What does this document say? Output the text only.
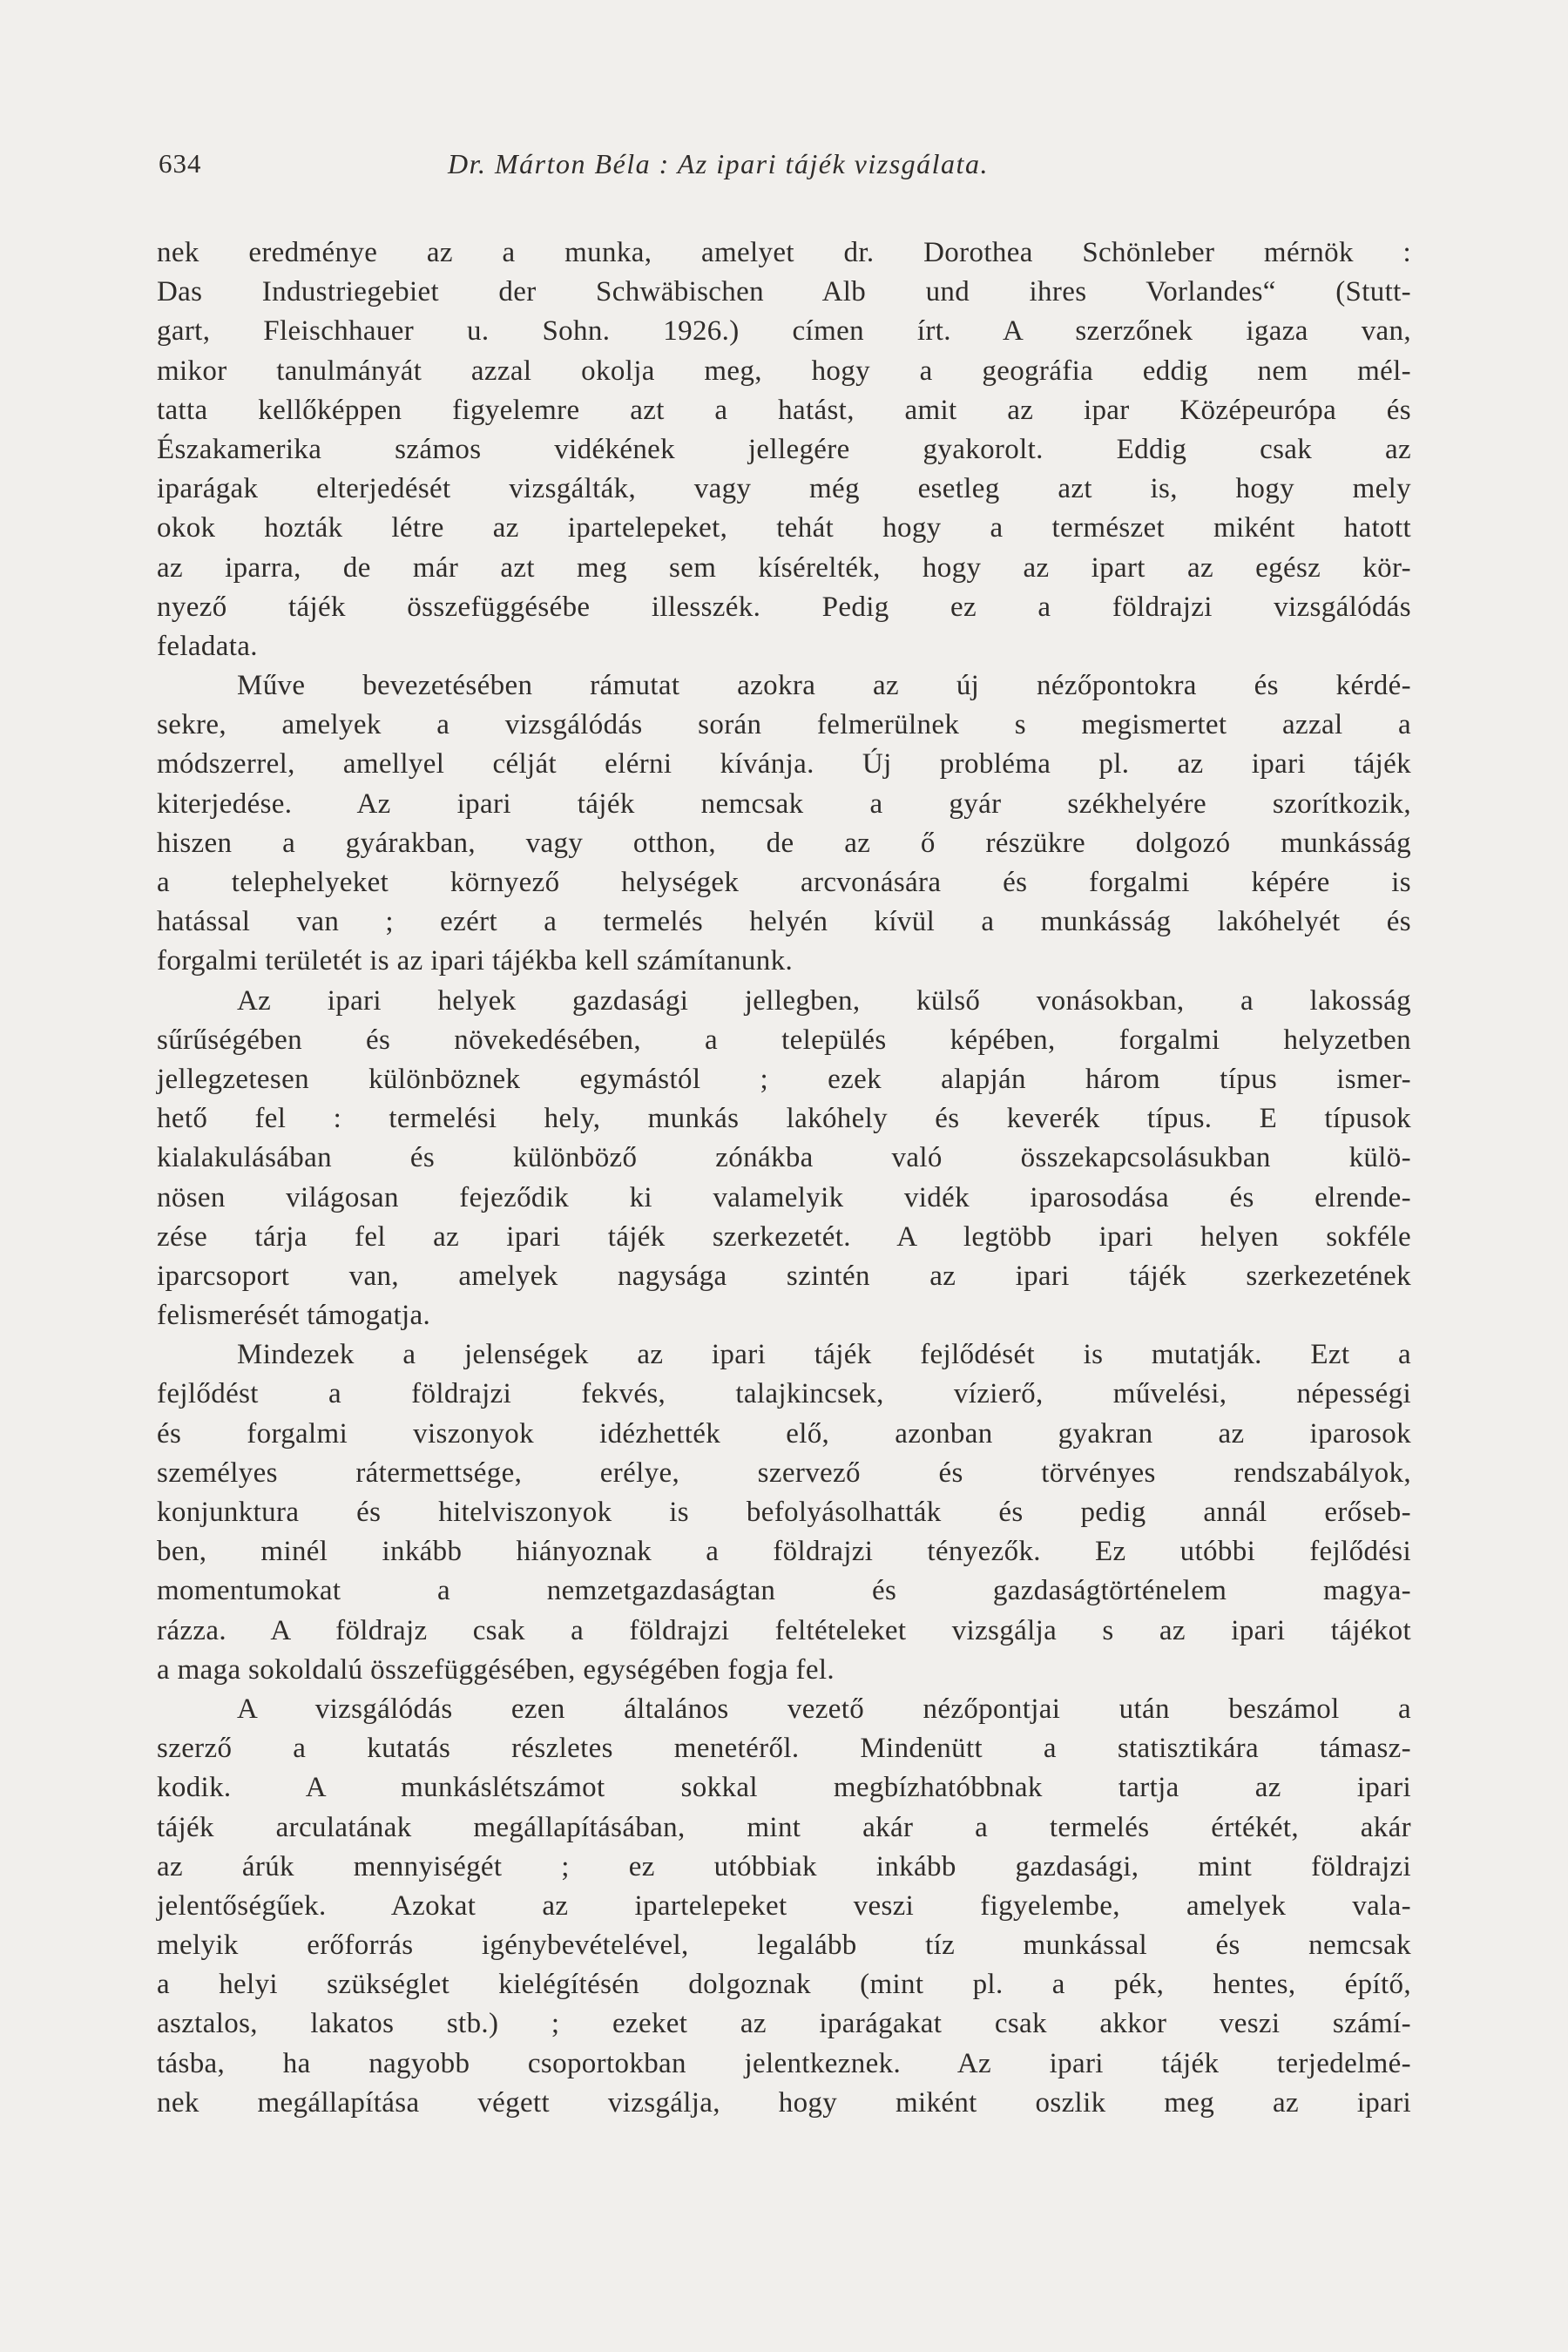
634	Dr. Márton Béla : Az ipari tájék vizsgálata.
nek eredménye az a munka, amelyet dr. Dorothea Schönleber mérnök :
Das Industriegebiet der Schwäbischen Alb und ihres Vorlandes“ (Stutt-
gart, Fleischhauer u. Sohn. 1926.) címen írt. A szerzőnek igaza van,
mikor tanulmányát azzal okolja meg, hogy a geográfia eddig nem mél-
tatta kellőképpen figyelemre azt a hatást, amit az ipar Középeurópa és
Északamerika számos vidékének jellegére gyakorolt. Eddig csak az
iparágak elterjedését vizsgálták, vagy még esetleg azt is, hogy mely
okok hozták létre az ipartelepeket, tehát hogy a természet miként hatott
az iparra, de már azt meg sem kísérelték, hogy az ipart az egész kör-
nyező tájék összefüggésébe illesszék. Pedig ez a földrajzi vizsgálódás
feladata.
Műve bevezetésében rámutat azokra az új nézőpontokra és kérdé-
sekre, amelyek a vizsgálódás során felmerülnek s megismertet azzal a
módszerrel, amellyel célját elérni kívánja. Új probléma pl. az ipari tájék
kiterjedése. Az ipari tájék nemcsak a gyár székhelyére szorítkozik,
hiszen a gyárakban, vagy otthon, de az ő részükre dolgozó munkásság
a telephelyeket környező helységek arcvonására és forgalmi képére is
hatással van ; ezért a termelés helyén kívül a munkásság lakóhelyét és
forgalmi területét is az ipari tájékba kell számítanunk.
Az ipari helyek gazdasági jellegben, külső vonásokban, a lakosság
sűrűségében és növekedésében, a település képében, forgalmi helyzetben
jellegzetesen különböznek egymástól ; ezek alapján három típus ismer-
hető fel : termelési hely, munkás lakóhely és keverék típus. E típusok
kialakulásában és különböző zónákba való összekapcsolásukban külö-
nösen világosan fejeződik ki valamelyik vidék iparosodása és elrende-
zése tárja fel az ipari tájék szerkezetét. A legtöbb ipari helyen sokféle
iparcsoport van, amelyek nagysága szintén az ipari tájék szerkezetének
felismerését támogatja.
Mindezek a jelenségek az ipari tájék fejlődését is mutatják. Ezt a
fejlődést a földrajzi fekvés, talajkincsek, vízierő, művelési, népességi
és forgalmi viszonyok idézhették elő, azonban gyakran az iparosok
személyes rátermettsége, erélye, szervező és törvényes rendszabályok,
konjunktura és hitelviszonyok is befolyásolhatták és pedig annál erőseb-
ben, minél inkább hiányoznak a földrajzi tényezők. Ez utóbbi fejlődési
momentumokat a nemzetgazdaságtan és gazdaságtörténelem magya-
rázza. A földrajz csak a földrajzi feltételeket vizsgálja s az ipari tájékot
a maga sokoldalú összefüggésében, egységében fogja fel.
A vizsgálódás ezen általános vezető nézőpontjai után beszámol a
szerző a kutatás részletes menetéről. Mindenütt a statisztikára támasz-
kodik. A munkáslétszámot sokkal megbízhatóbbnak tartja az ipari
tájék arculatának megállapításában, mint akár a termelés értékét, akár
az árúk mennyiségét ; ez utóbbiak inkább gazdasági, mint földrajzi
jelentőségűek. Azokat az ipartelepeket veszi figyelembe, amelyek vala-
melyik erőforrás igénybevételével, legalább tíz munkással és nemcsak
a helyi szükséglet kielégítésén dolgoznak (mint pl. a pék, hentes, építő,
asztalos, lakatos stb.) ; ezeket az iparágakat csak akkor veszi számí-
tásba, ha nagyobb csoportokban jelentkeznek. Az ipari tájék terjedelmé-
nek megállapítása végett vizsgálja, hogy miként oszlik meg az ipari
